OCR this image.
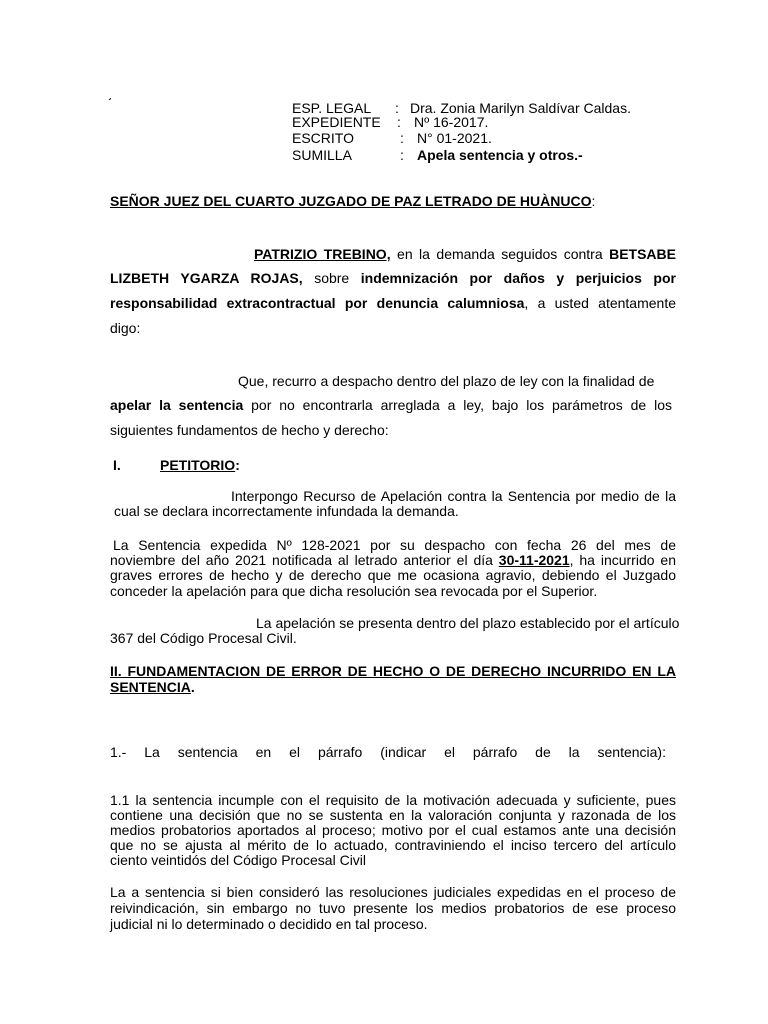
͵
ESP. LEGAL : Dra. Zonia Marilyn Saldívar Caldas.
EXPEDIENTE : Nº 16-2017.
ESCRITO	: N° 01-2021.
SUMILLA	: Apela sentencia y otros.-
SEÑOR JUEZ DEL CUARTO JUZGADO DE PAZ LETRADO DE HUÀNUCO:
PATRIZIO TREBINO, en la demanda seguidos contra BETSABE
LIZBETH YGARZA ROJAS, sobre indemnización por daños y perjuicios por
responsabilidad extracontractual por denuncia calumniosa, a usted atentamente
digo:
Que, recurro a despacho dentro del plazo de ley con la finalidad de
apelar la sentencia por no encontrarla arreglada a ley, bajo los parámetros de los
siguientes fundamentos de hecho y derecho:
I.	PETITORIO:
Interpongo Recurso de Apelación contra la Sentencia por medio de la
cual se declara incorrectamente infundada la demanda.
La Sentencia expedida Nº 128-2021 por su despacho con fecha 26 del mes de
noviembre del año 2021 notificada al letrado anterior el día 30-11-2021, ha incurrido en
graves errores de hecho y de derecho que me ocasiona agravio, debiendo el Juzgado
conceder la apelación para que dicha resolución sea revocada por el Superior.
La apelación se presenta dentro del plazo establecido por el artículo
367 del Código Procesal Civil.
II. FUNDAMENTACION DE ERROR DE HECHO O DE DERECHO INCURRIDO EN LA
SENTENCIA.
1.- La sentencia en el párrafo (indicar el párrafo de la sentencia):
1.1 la sentencia incumple con el requisito de la motivación adecuada y suficiente, pues
contiene una decisión que no se sustenta en la valoración conjunta y razonada de los
medios probatorios aportados al proceso; motivo por el cual estamos ante una decisión
que no se ajusta al mérito de lo actuado, contraviniendo el inciso tercero del artículo
ciento veintidós del Código Procesal Civil
La a sentencia si bien consideró las resoluciones judiciales expedidas en el proceso de
reivindicación, sin embargo no tuvo presente los medios probatorios de ese proceso
judicial ni lo determinado o decidido en tal proceso.
